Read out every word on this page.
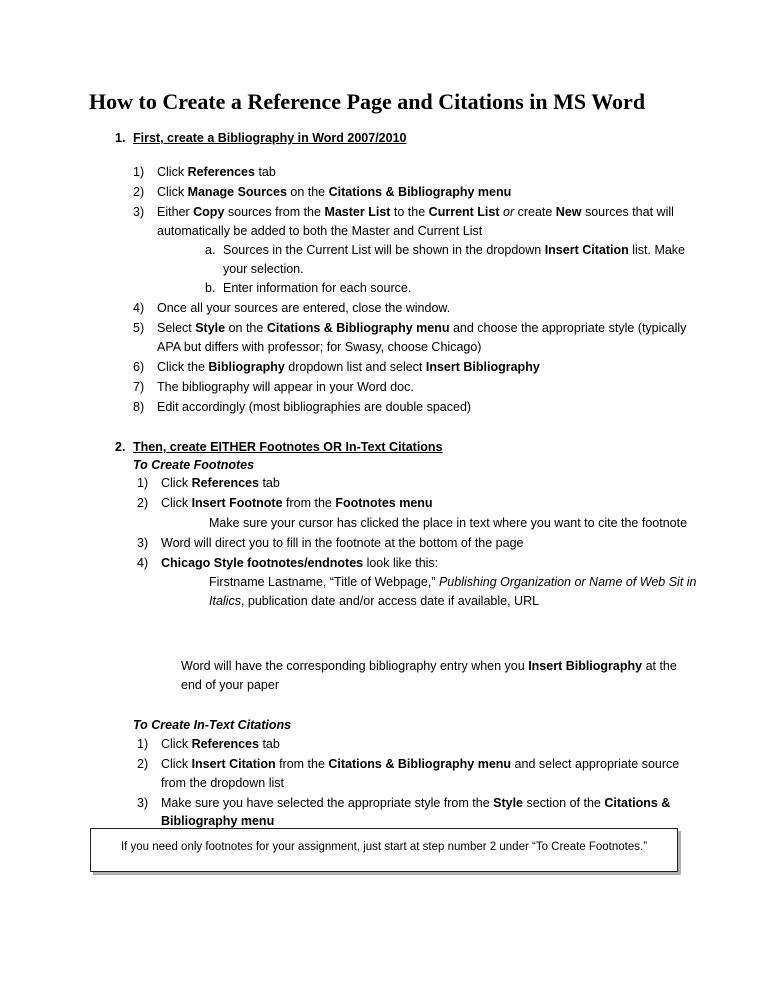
How to Create a Reference Page and Citations in MS Word

1. First, create a Bibliography in Word 2007/2010

1) Click References tab
2) Click Manage Sources on the Citations & Bibliography menu
3) Either Copy sources from the Master List to the Current List or create New sources that will automatically be added to both the Master and Current List
a. Sources in the Current List will be shown in the dropdown Insert Citation list. Make your selection.
b. Enter information for each source.
4) Once all your sources are entered, close the window.
5) Select Style on the Citations & Bibliography menu and choose the appropriate style (typically APA but differs with professor; for Swasy, choose Chicago)
6) Click the Bibliography dropdown list and select Insert Bibliography
7) The bibliography will appear in your Word doc.
8) Edit accordingly (most bibliographies are double spaced)

2. Then, create EITHER Footnotes OR In-Text Citations

To Create Footnotes

1) Click References tab
2) Click Insert Footnote from the Footnotes menu
Make sure your cursor has clicked the place in text where you want to cite the footnote
3) Word will direct you to fill in the footnote at the bottom of the page
4) Chicago Style footnotes/endnotes look like this:
Firstname Lastname, “Title of Webpage,” Publishing Organization or Name of Web Sit in Italics, publication date and/or access date if available, URL

Word will have the corresponding bibliography entry when you Insert Bibliography at the end of your paper

To Create In-Text Citations

1) Click References tab
2) Click Insert Citation from the Citations & Bibliography menu and select appropriate source from the dropdown list
3) Make sure you have selected the appropriate style from the Style section of the Citations & Bibliography menu
If you need only footnotes for your assignment, just start at step number 2 under “To Create Footnotes.”
